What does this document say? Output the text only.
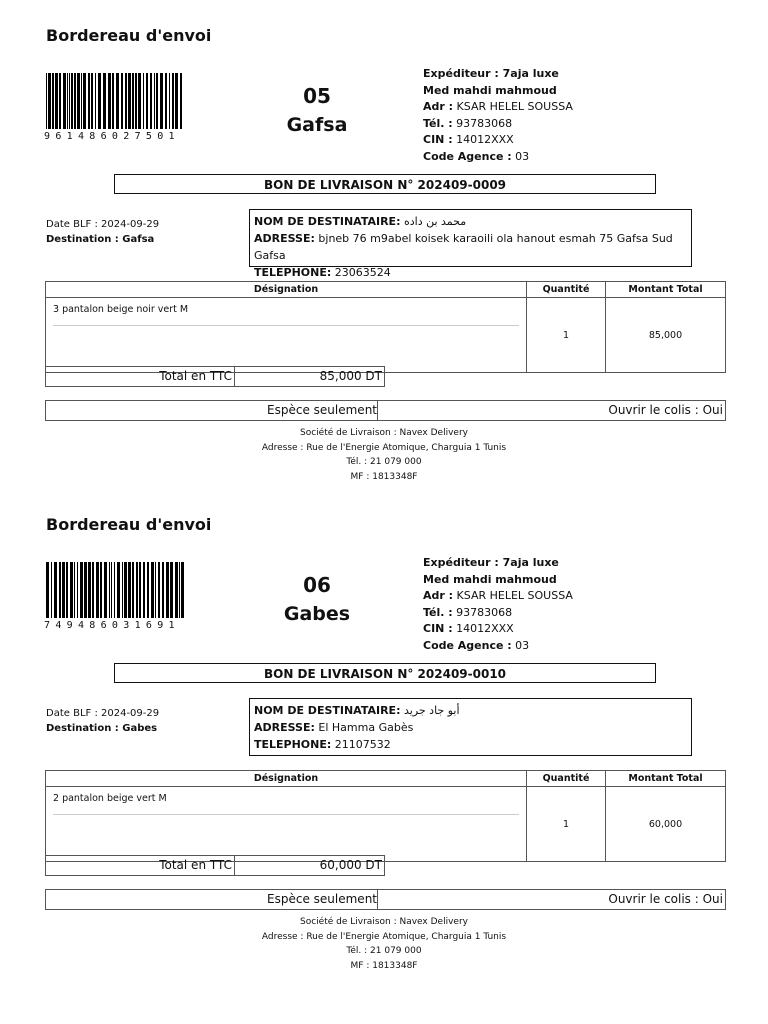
Bordereau d'envoi
961486027501
05
Gafsa
Expéditeur : 7aja luxe
Med mahdi mahmoud
Adr : KSAR HELEL SOUSSA
Tél. : 93783068
CIN : 14012XXX
Code Agence : 03
BON DE LIVRAISON N° 202409-0009
Date BLF : 2024-09-29
Destination : Gafsa
NOM DE DESTINATAIRE: محمد بن داده
ADRESSE: bjneb 76 m9abel koisek karaoili ola hanout esmah 75 Gafsa Sud Gafsa
TELEPHONE: 23063524
Désignation	Quantité	Montant Total
3 pantalon beige noir vert M	1	85,000
Total en TTC	85,000 DT
Espèce seulement	Ouvrir le colis : Oui
Société de Livraison : Navex Delivery
Adresse : Rue de l'Energie Atomique, Charguia 1 Tunis
Tél. : 21 079 000
MF : 1813348F
Bordereau d'envoi
749486031691
06
Gabes
Expéditeur : 7aja luxe
Med mahdi mahmoud
Adr : KSAR HELEL SOUSSA
Tél. : 93783068
CIN : 14012XXX
Code Agence : 03
BON DE LIVRAISON N° 202409-0010
Date BLF : 2024-09-29
Destination : Gabes
NOM DE DESTINATAIRE: أبو جاد جريد
ADRESSE: El Hamma Gabès
TELEPHONE: 21107532
Désignation	Quantité	Montant Total
2 pantalon beige vert M	1	60,000
Total en TTC	60,000 DT
Espèce seulement	Ouvrir le colis : Oui
Société de Livraison : Navex Delivery
Adresse : Rue de l'Energie Atomique, Charguia 1 Tunis
Tél. : 21 079 000
MF : 1813348F
